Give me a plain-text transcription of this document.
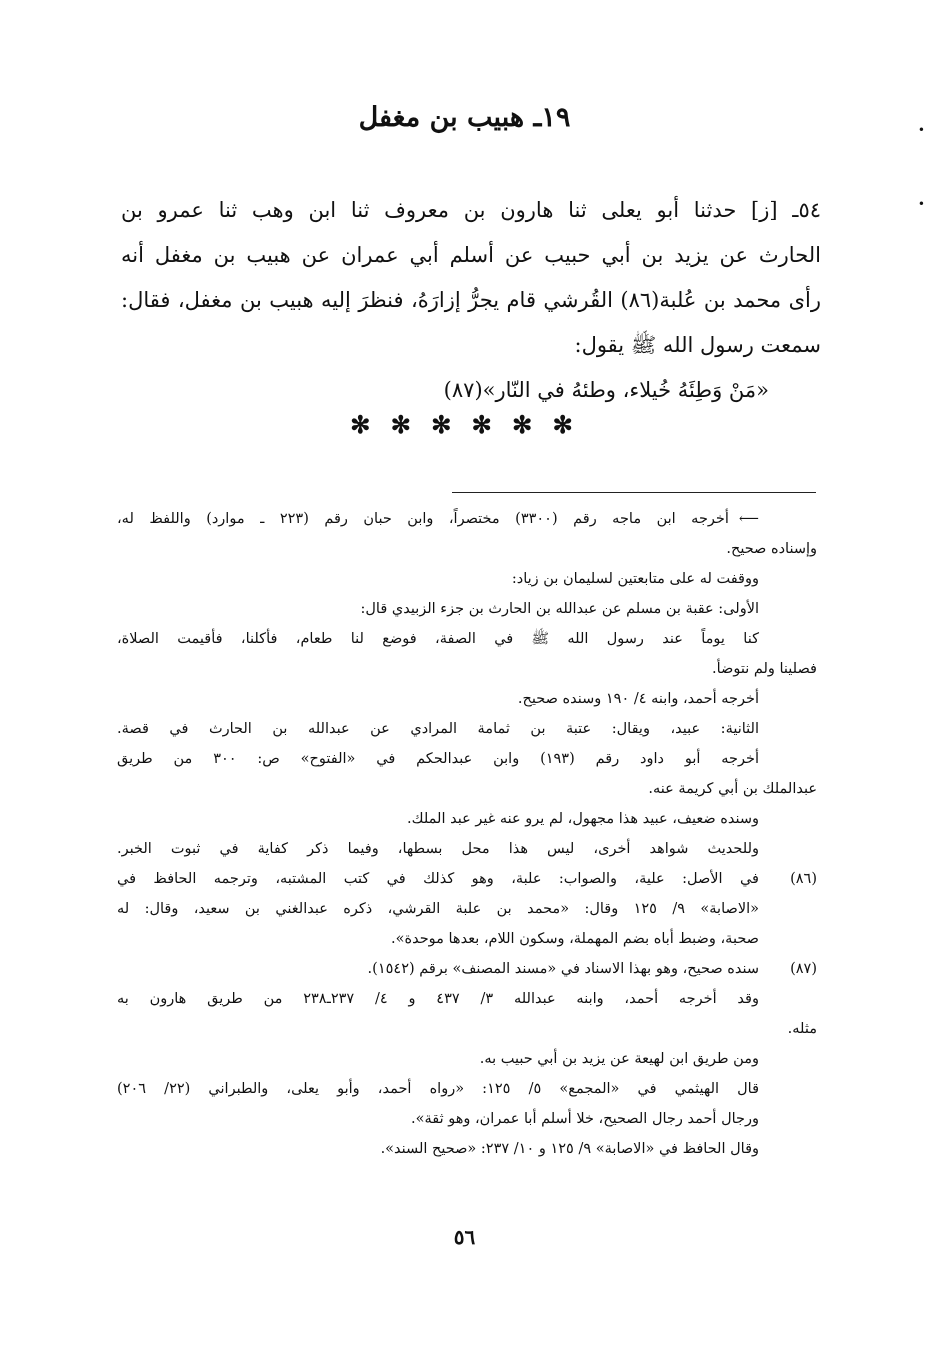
•
•
١٩ـ هبيب بن مغفل
٥٤ـ [ز] حدثنا أبو يعلى ثنا هارون بن معروف ثنا ابن وهب ثنا عمرو بن
الحارث عن يزيد بن أبي حبيب عن أسلم أبي عمران عن هبيب بن مغفل أنه
رأى محمد بن عُلبة(٨٦) القُرشي قام يجرُّ إزارَهُ، فنظرَ إليه هبيب بن مغفل، فقال:
سمعت رسول الله ﷺ يقول:
«مَنْ وَطِئَهُ خُيلاء، وطئهُ في النّار»(٨٧)
✻ ✻ ✻ ✻ ✻ ✻
⟵أخرجه ابن ماجه رقم (٣٣٠٠) مختصراً، وابن حبان رقم (٢٢٣ ـ موارد) واللفظ له،
وإسناده صحيح.
ووقفت له على متابعتين لسليمان بن زياد:
الأولى: عقبة بن مسلم عن عبدالله بن الحارث بن جزء الزبيدي قال:
كنا يوماً عند رسول الله ﷺ في الصفة، فوضع لنا طعام، فأكلنا، فأقيمت الصلاة،
فصلينا ولم نتوضأ.
أخرجه أحمد، وابنه ٤/ ١٩٠ وسنده صحيح.
الثانية: عبيد، ويقال: عتبة بن ثمامة المرادي عن عبدالله بن الحارث في قصة.
أخرجه أبو داود رقم (١٩٣) وابن عبدالحكم في «الفتوح» ص: ٣٠٠ من طريق
عبدالملك بن أبي كريمة عنه.
وسنده ضعيف، عبيد هذا مجهول، لم يرو عنه غير عبد الملك.
وللحديث شواهد أخرى، ليس هذا محل بسطها، وفيما ذكر كفاية في ثبوت الخبر.
(٨٦)
في الأصل: علية، والصواب: علبة، وهو كذلك في كتب المشتبه، وترجمه الحافظ في
«الاصابة» ٩/ ١٢٥ وقال: «محمد بن علبة القرشي، ذكره عبدالغني بن سعيد، وقال: له
صحبة، وضبط أباه بضم المهملة، وسكون اللام، بعدها موحدة».
(٨٧)
سنده صحيح، وهو بهذا الاسناد في «مسند المصنف» برقم (١٥٤٢).
وقد أخرجه أحمد، وابنه عبدالله ٣/ ٤٣٧ و ٤/ ٢٣٧ـ٢٣٨ من طريق هارون به
مثله.
ومن طريق ابن لهيعة عن يزيد بن أبي حبيب به.
قال الهيثمي في «المجمع» ٥/ ١٢٥: «رواه أحمد، وأبو يعلى، والطبراني (٢٢/ ٢٠٦)
ورجال أحمد رجال الصحيح، خلا أسلم أبا عمران، وهو ثقة».
وقال الحافظ في «الاصابة» ٩/ ١٢٥ و ١٠/ ٢٣٧: «صحيح السند».
٥٦
